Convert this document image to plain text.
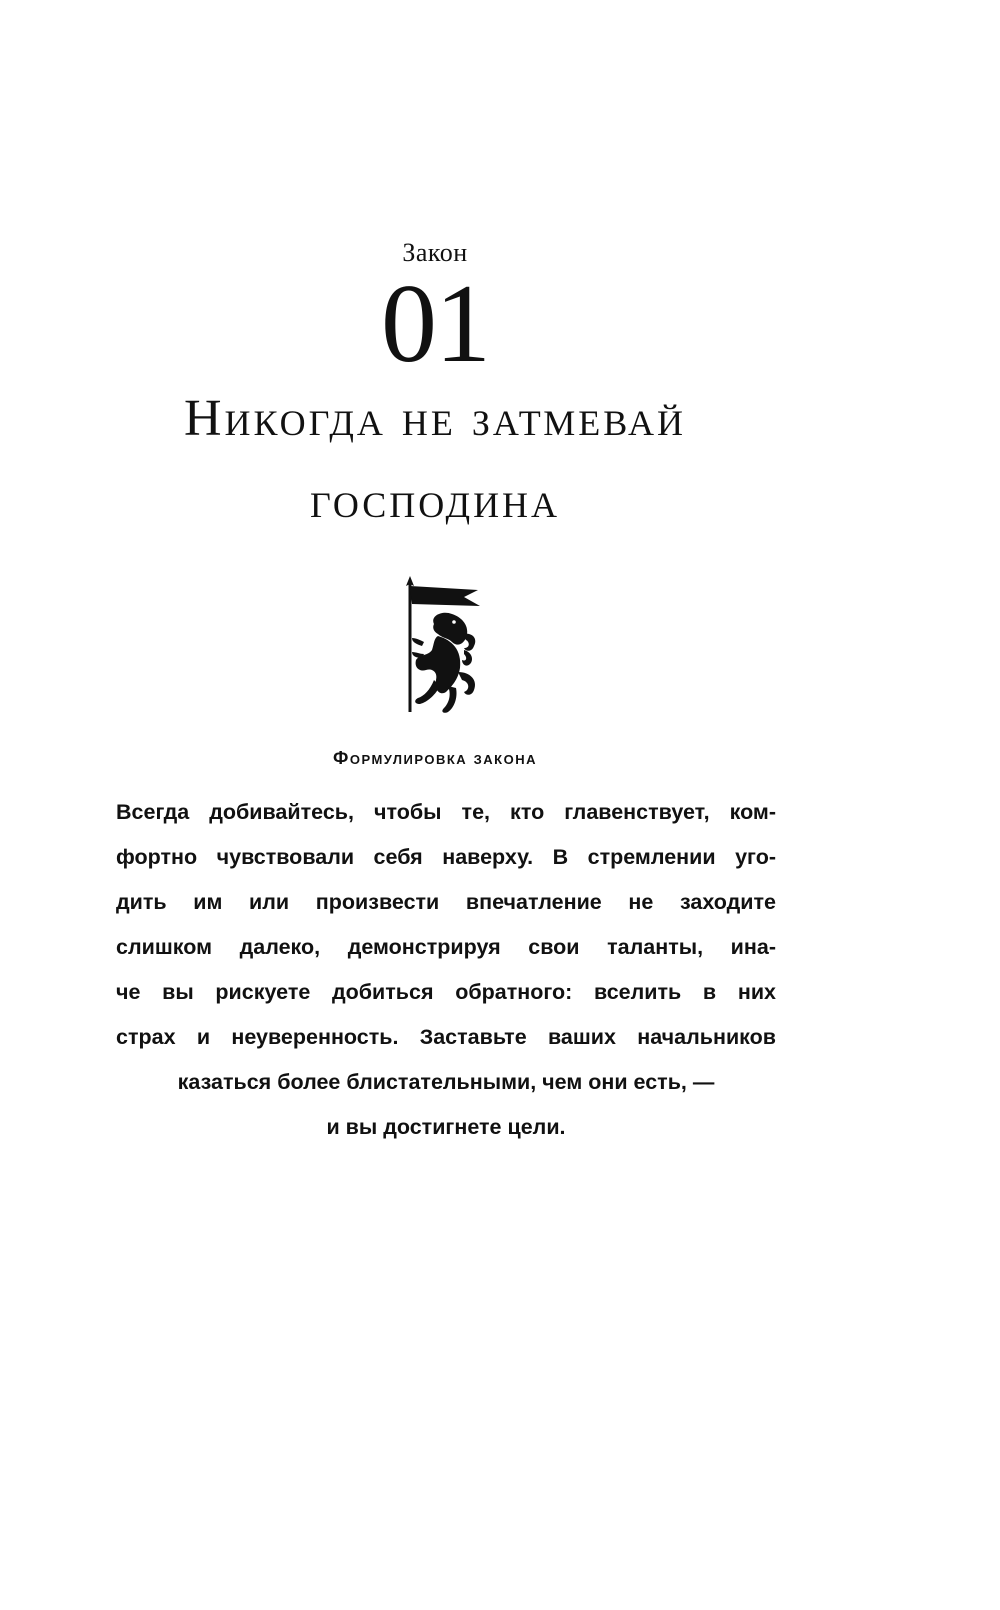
Закон
01
Никогда не затмевай
господина
Формулировка закона
Всегда добивайтесь, чтобы те, кто главенствует, ком-
фортно чувствовали себя наверху. В стремлении уго-
дить им или произвести впечатление не заходите
слишком далеко, демонстрируя свои таланты, ина-
че вы рискуете добиться обратного: вселить в них
страх и неуверенность. Заставьте ваших начальников
казаться более блистательными, чем они есть, —
и вы достигнете цели.
